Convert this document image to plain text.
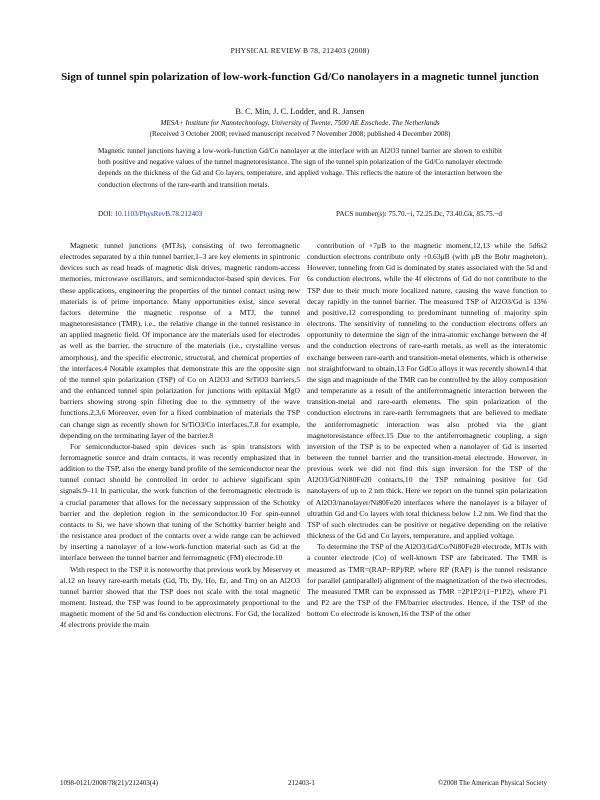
PHYSICAL REVIEW B 78, 212403 (2008)
Sign of tunnel spin polarization of low-work-function Gd/Co nanolayers in a magnetic tunnel junction
B. C. Min, J. C. Lodder, and R. Jansen
MESA+ Institute for Nanotechnology, University of Twente, 7500 AE Enschede, The Netherlands
(Received 3 October 2008; revised manuscript received 7 November 2008; published 4 December 2008)
Magnetic tunnel junctions having a low-work-function Gd/Co nanolayer at the interface with an Al2O3 tunnel barrier are shown to exhibit both positive and negative values of the tunnel magnetoresistance. The sign of the tunnel spin polarization of the Gd/Co nanolayer electrode depends on the thickness of the Gd and Co layers, temperature, and applied voltage. This reflects the nature of the interaction between the conduction electrons of the rare-earth and transition metals.
DOI: 10.1103/PhysRevB.78.212403	PACS number(s): 75.70.−i, 72.25.Dc, 73.40.Gk, 85.75.−d

Magnetic tunnel junctions (MTJs), consisting of two ferromagnetic electrodes separated by a thin tunnel barrier,1–3 are key elements in spintronic devices such as read heads of magnetic disk drives, magnetic random-access memories, microwave oscillators, and semiconductor-based spin devices. For these applications, engineering the properties of the tunnel contact using new materials is of prime importance. Many opportunities exist, since several factors determine the magnetic response of a MTJ, the tunnel magnetoresistance (TMR), i.e., the relative change in the tunnel resistance in an applied magnetic field. Of importance are the materials used for electrodes as well as the barrier, the structure of the materials (i.e., crystalline versus amorphous), and the specific electronic, structural, and chemical properties of the interfaces.4 Notable examples that demonstrate this are the opposite sign of the tunnel spin polarization (TSP) of Co on Al2O3 and SrTiO3 barriers,5 and the enhanced tunnel spin polarization for junctions with epitaxial MgO barriers showing strong spin filtering due to the symmetry of the wave functions.2,3,6 Moreover, even for a fixed combination of materials the TSP can change sign as recently shown for SrTiO3/Co interfaces,7,8 for example, depending on the terminating layer of the barrier.8

For semiconductor-based spin devices such as spin transistors with ferromagnetic source and drain contacts, it was recently emphasized that in addition to the TSP, also the energy band profile of the semiconductor near the tunnel contact should be controlled in order to achieve significant spin signals.9–11 In particular, the work function of the ferromagnetic electrode is a crucial parameter that allows for the necessary suppression of the Schottky barrier and the depletion region in the semiconductor.10 For spin-tunnel contacts to Si, we have shown that tuning of the Schottky barrier height and the resistance area product of the contacts over a wide range can be achieved by inserting a nanolayer of a low-work-function material such as Gd at the interface between the tunnel barrier and ferromagnetic (FM) electrode.10

With respect to the TSP it is noteworthy that previous work by Meservey et al.12 on heavy rare-earth metals (Gd, Tb, Dy, Ho, Er, and Tm) on an Al2O3 tunnel barrier showed that the TSP does not scale with the total magnetic moment. Instead, the TSP was found to be approximately proportional to the magnetic moment of the 5d and 6s conduction electrons. For Gd, the localized 4f electrons provide the main

contribution of +7μB to the magnetic moment,12,13 while the 5d6s2 conduction electrons contribute only +0.63μB (with μB the Bohr magneton). However, tunneling from Gd is dominated by states associated with the 5d and 6s conduction electrons, while the 4f electrons of Gd do not contribute to the TSP due to their much more localized nature, causing the wave function to decay rapidly in the tunnel barrier. The measured TSP of Al2O3/Gd is 13% and positive,12 corresponding to predominant tunneling of majority spin electrons. The sensitivity of tunneling to the conduction electrons offers an opportunity to determine the sign of the intra-atomic exchange between the 4f and the conduction electrons of rare-earth metals, as well as the interatomic exchange between rare-earth and transition-metal elements, which is otherwise not straightforward to obtain.13 For GdCo alloys it was recently shown14 that the sign and magnitude of the TMR can be controlled by the alloy composition and temperature as a result of the antiferromagnetic interaction between the transition-metal and rare-earth elements. The spin polarization of the conduction electrons in rare-earth ferromagnets that are believed to mediate the antiferromagnetic interaction was also probed via the giant magnetoresistance effect.15 Due to the antiferromagnetic coupling, a sign inversion of the TSP is to be expected when a nanolayer of Gd is inserted between the tunnel barrier and the transition-metal electrode. However, in previous work we did not find this sign inversion for the TSP of the Al2O3/Gd/Ni80Fe20 contacts,10 the TSP remaining positive for Gd nanolayers of up to 2 nm thick. Here we report on the tunnel spin polarization of Al2O3/nanolayer/Ni80Fe20 interfaces where the nanolayer is a bilayer of ultrathin Gd and Co layers with total thickness below 1.2 nm. We find that the TSP of such electrodes can be positive or negative depending on the relative thickness of the Gd and Co layers, temperature, and applied voltage.

To determine the TSP of the Al2O3/Gd/Co/Ni80Fe20 electrode, MTJs with a counter electrode (Co) of well-known TSP are fabricated. The TMR is measured as TMR=(RAP−RP)/RP, where RP (RAP) is the tunnel resistance for parallel (antiparallel) alignment of the magnetization of the two electrodes. The measured TMR can be expressed as TMR =2P1P2/(1−P1P2), where P1 and P2 are the TSP of the FM/barrier electrodes. Hence, if the TSP of the bottom Co electrode is known,16 the TSP of the other

1098-0121/2008/78(21)/212403(4)	212403-1	©2008 The American Physical Society
